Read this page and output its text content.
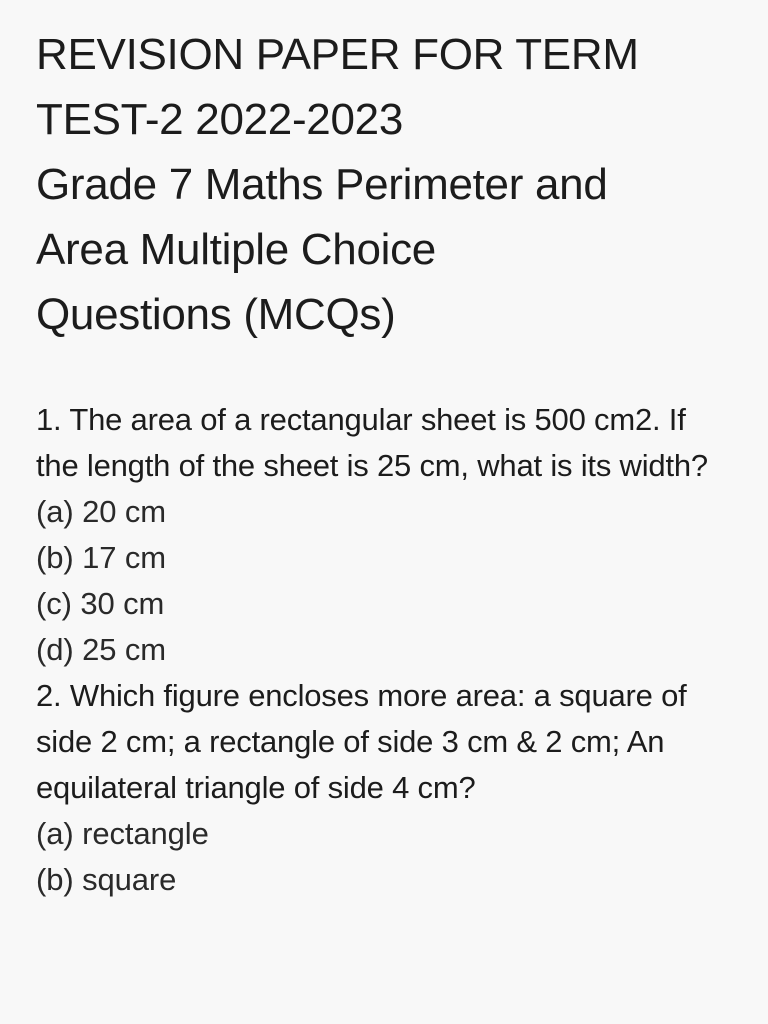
REVISION PAPER FOR TERM
TEST-2 2022-2023
Grade 7 Maths Perimeter and
Area Multiple Choice
Questions (MCQs)
1. The area of a rectangular sheet is 500 cm2. If the length of the sheet is 25 cm, what is its width?
(a) 20 cm
(b) 17 cm
(c) 30 cm
(d) 25 cm
2. Which figure encloses more area: a square of side 2 cm; a rectangle of side 3 cm & 2 cm; An equilateral triangle of side 4 cm?
(a) rectangle
(b) square
